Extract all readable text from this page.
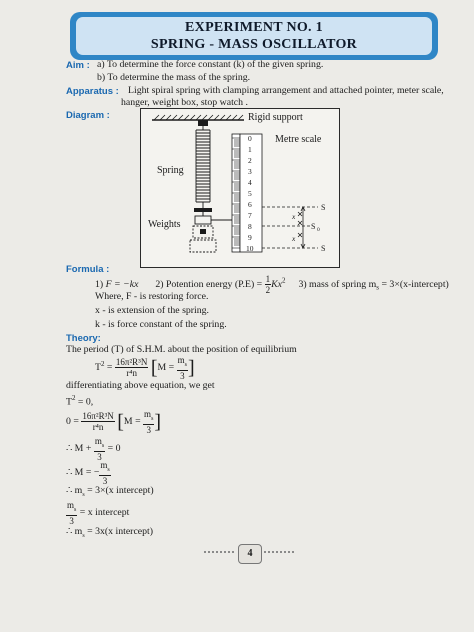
EXPERIMENT NO. 1
SPRING - MASS OSCILLATOR
Aim : a) To determine the force constant (k) of the given spring.
b) To determine the mass of the spring.
Apparatus : Light spiral spring with clamping arrangement and attached pointer, meter scale,
hanger, weight box, stop watch .
Diagram :	Rigid support
Spring
Weights
0
1
2
3
4
5
6
7
8
9
10
Metre scale
x
x
S
S 0
S
Formula :
1) F = −kx 2) Potention energy $(P.E) = \frac{1}{2} Kx^2$ 3) mass of spring $m_s$ = 3×(x-intercept)
Where, F - is restoring force.
x - is extension of the spring.
k - is force constant of the spring.
Theory:
The period (T) of S.H.M. about the position of equilibrium
$T^2 = \frac{\text{16π²R³N}}{\text{r⁴n}} [M = \frac{m_s}{3}$ ]
differentiating above equation, we get
$T^2 = 0$,
$0 = \frac{\text{16π²R³N}}{\text{r⁴n}} [M = \frac{m_s}{3}$ ]
∴ $M + \frac{m_s}{3} = 0$
∴ M = − $\frac{m_s}{3}$
∴ $m_s = 3\times(x$ intercept)
$\frac{m_s}{3} = x$ intercept
∴ $m_s = 3x(x$ intercept)
4
